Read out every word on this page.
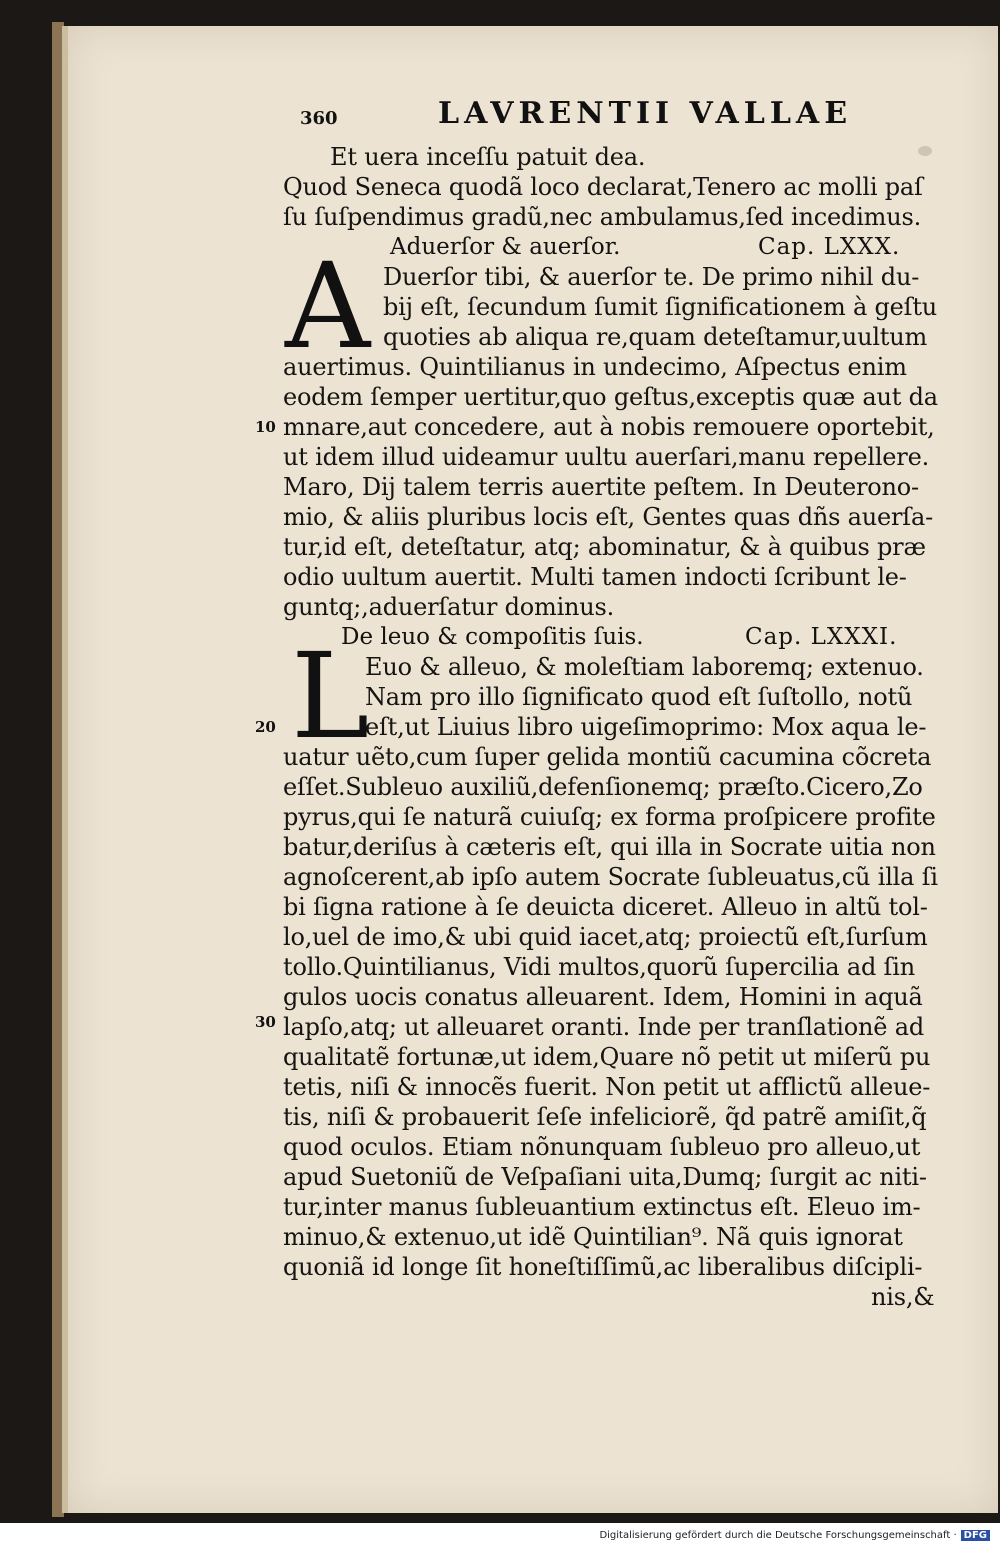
360	LAVRENTII VALLAE
Et uera inceſſu patuit dea.
Quod Seneca quodã loco declarat,Tenero ac molli paſ
ſu ſuſpendimus gradũ,nec ambulamus,ſed incedimus.
Aduerſor & auerſor.	Cap. LXXX.
A Duerſor tibi, & auerſor te. De primo nihil du-
bij eſt, ſecundum ſumit ſignificationem à geſtu
quoties ab aliqua re,quam deteſtamur,uultum
auertimus. Quintilianus in undecimo, Aſpectus enim
eodem ſemper uertitur,quo geſtus,exceptis quæ aut da
mnare,aut concedere, aut à nobis remouere oportebit,
ut idem illud uideamur uultu auerſari,manu repellere.
Maro, Dij talem terris auertite peſtem. In Deuterono-
mio, & aliis pluribus locis eſt, Gentes quas dñs auerſa-
tur,id eſt, deteſtatur, atq; abominatur, & à quibus præ
odio uultum auertit. Multi tamen indocti ſcribunt le-
guntq;,aduerſatur dominus.
De leuo & compoſitis ſuis.	Cap. LXXXI.
L
Euo & alleuo, & moleſtiam laboremq; extenuo.
Nam pro illo ſignificato quod eſt ſuſtollo, notũ
eſt,ut Liuius libro uigeſimoprimo: Mox aqua le-
uatur uẽto,cum ſuper gelida montiũ cacumina cõcreta
eſſet.Subleuo auxiliũ,defenſionemq; præſto.Cicero,Zo
pyrus,qui ſe naturã cuiuſq; ex forma proſpicere profite
batur,deriſus à cæteris eſt, qui illa in Socrate uitia non
agnoſcerent,ab ipſo autem Socrate ſubleuatus,cũ illa ſi
bi ſigna ratione à ſe deuicta diceret. Alleuo in altũ tol-
lo,uel de imo,& ubi quid iacet,atq; proiectũ eſt,ſurſum
tollo.Quintilianus, Vidi multos,quorũ ſupercilia ad ſin
gulos uocis conatus alleuarent. Idem, Homini in aquã
lapſo,atq; ut alleuaret oranti. Inde per tranſlationẽ ad
qualitatẽ fortunæ,ut idem,Quare nõ petit ut miſerũ pu
tetis, niſi & innocẽs fuerit. Non petit ut afflictũ alleue-
tis, niſi & probauerit ſeſe infeliciorẽ, q̃d patrẽ amiſit,q̃
quod oculos. Etiam nõnunquam ſubleuo pro alleuo,ut
apud Suetoniũ de Veſpaſiani uita,Dumq; ſurgit ac niti-
tur,inter manus ſubleuantium extinctus eſt. Eleuo im-
minuo,& extenuo,ut idẽ Quintilian⁹. Nã quis ignorat
quoniã id longe ſit honeſtiſſimũ,ac liberalibus diſcipli-
nis,&
10
20
30
Digitalisierung gefördert durch die Deutsche Forschungsgemeinschaft · DFG
